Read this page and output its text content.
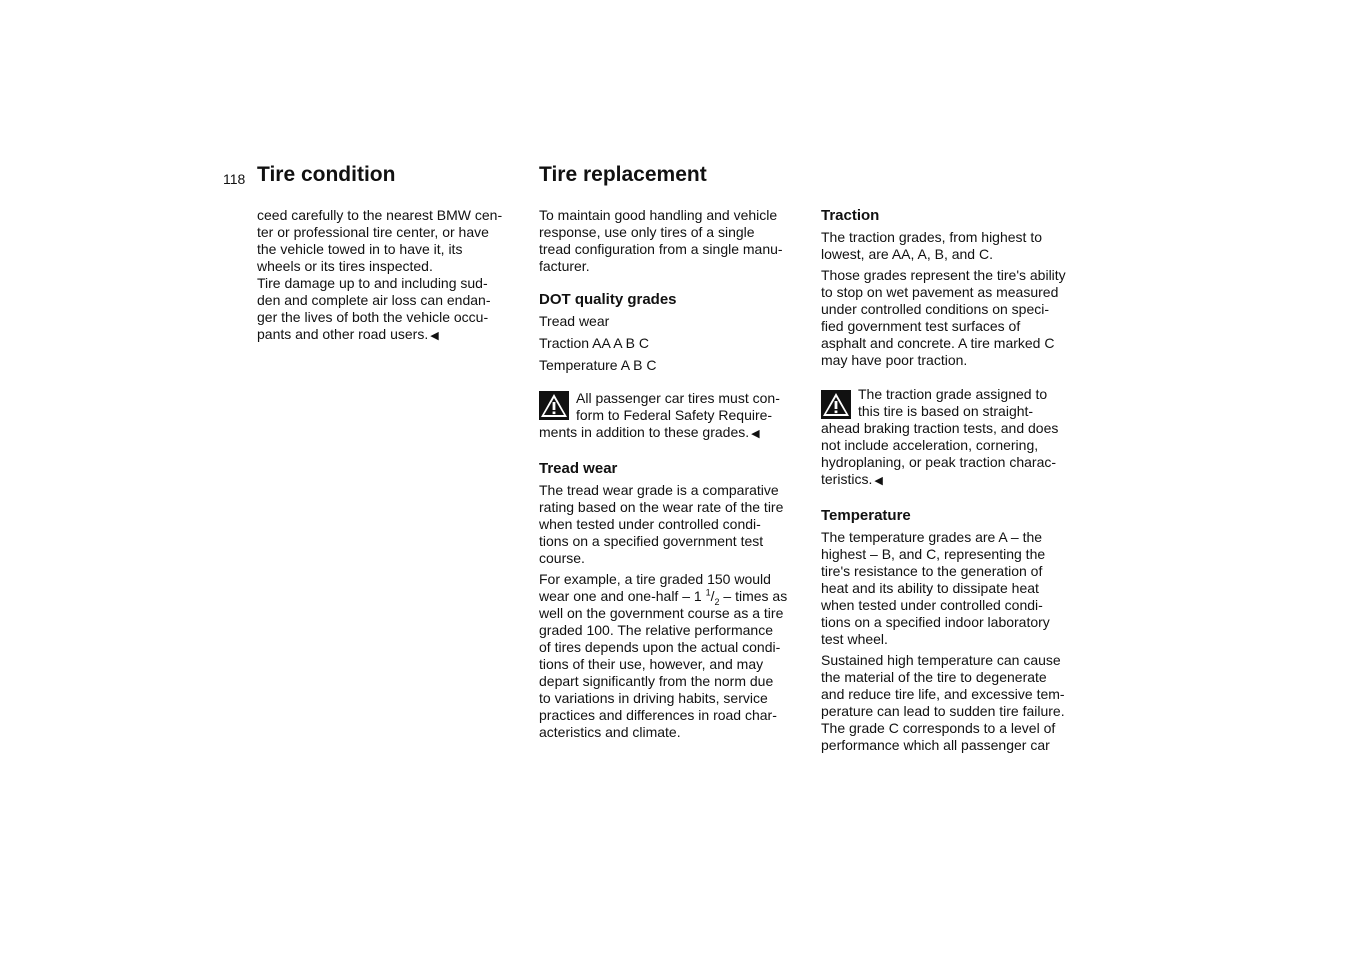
118 Tire condition	Tire replacement

ceed carefully to the nearest BMW cen-
ter or professional tire center, or have
the vehicle towed in to have it, its
wheels or its tires inspected.
Tire damage up to and including sud-
den and complete air loss can endan-
ger the lives of both the vehicle occu-
pants and other road users. ◀

To maintain good handling and vehicle
response, use only tires of a single
tread configuration from a single manu-
facturer.

DOT quality grades
Tread wear
Traction AA A B C
Temperature A B C
All passenger car tires must con-
form to Federal Safety Require-
ments in addition to these grades. ◀
Tread wear

The tread wear grade is a comparative
rating based on the wear rate of the tire
when tested under controlled condi-
tions on a specified government test
course.

For example, a tire graded 150 would
wear one and one-half – 1 $^1/_2$ – times as
well on the government course as a tire
graded 100. The relative performance
of tires depends upon the actual condi-
tions of their use, however, and may
depart significantly from the norm due
to variations in driving habits, service
practices and differences in road char-
acteristics and climate.

Traction

The traction grades, from highest to
lowest, are AA, A, B, and C.

Those grades represent the tire's ability
to stop on wet pavement as measured
under controlled conditions on speci-
fied government test surfaces of
asphalt and concrete. A tire marked C
may have poor traction.

The traction grade assigned to
this tire is based on straight-
ahead braking traction tests, and does
not include acceleration, cornering,
hydroplaning, or peak traction charac-
teristics. ◀
Temperature

The temperature grades are A – the
highest – B, and C, representing the
tire's resistance to the generation of
heat and its ability to dissipate heat
when tested under controlled condi-
tions on a specified indoor laboratory
test wheel.

Sustained high temperature can cause
the material of the tire to degenerate
and reduce tire life, and excessive tem-
perature can lead to sudden tire failure.
The grade C corresponds to a level of
performance which all passenger car
